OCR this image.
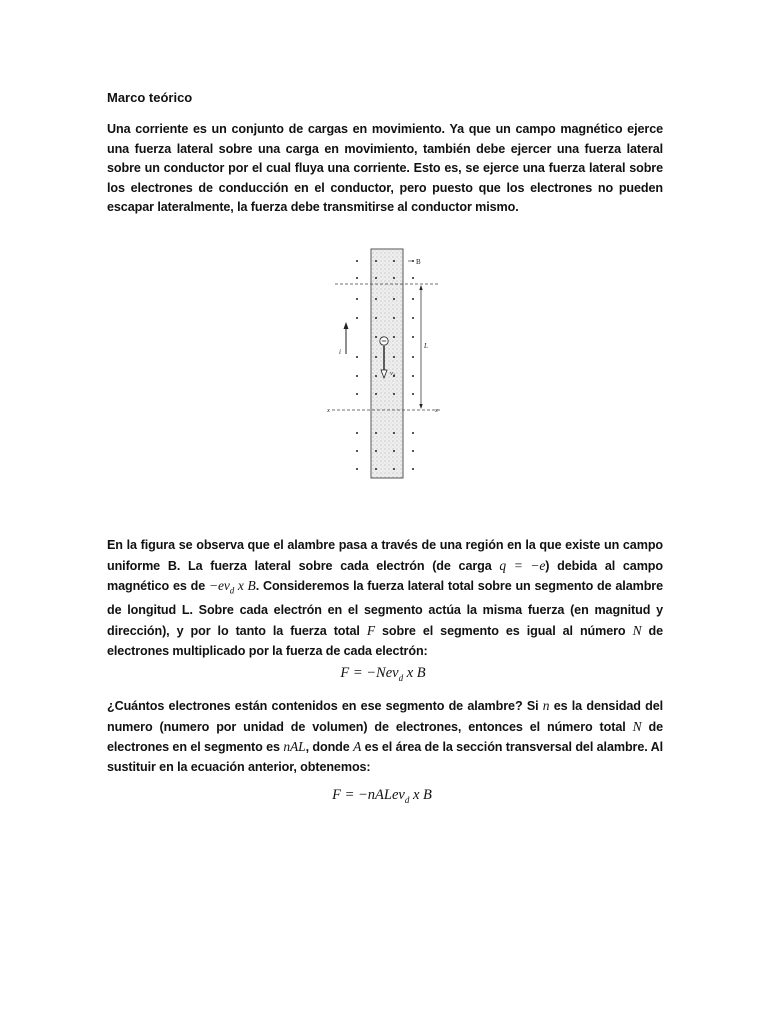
Marco teórico
Una corriente es un conjunto de cargas en movimiento. Ya que un campo magnético ejerce una fuerza lateral sobre una carga en movimiento, también debe ejercer una fuerza lateral sobre un conductor por el cual fluya una corriente. Esto es, se ejerce una fuerza lateral sobre los electrones de conducción en el conductor, pero puesto que los electrones no pueden escapar lateralmente, la fuerza debe transmitirse al conductor mismo.
B
i
$v_d$
L
x	x
En la figura se observa que el alambre pasa a través de una región en la que existe un campo uniforme B. La fuerza lateral sobre cada electrón (de carga q = −e) debida al campo magnético es de $-ev_d$ x B. Consideremos la fuerza lateral total sobre un segmento de alambre de longitud L. Sobre cada electrón en el segmento actúa la misma fuerza (en magnitud y dirección), y por lo tanto la fuerza total F sobre el segmento es igual al número N de electrones multiplicado por la fuerza de cada electrón:
F = −Nev$_d$ x B
¿Cuántos electrones están contenidos en ese segmento de alambre? Si n es la densidad del numero (numero por unidad de volumen) de electrones, entonces el número total N de electrones en el segmento es nAL, donde A es el área de la sección transversal del alambre. Al sustituir en la ecuación anterior, obtenemos:
F = −nALev$_d$ x B
